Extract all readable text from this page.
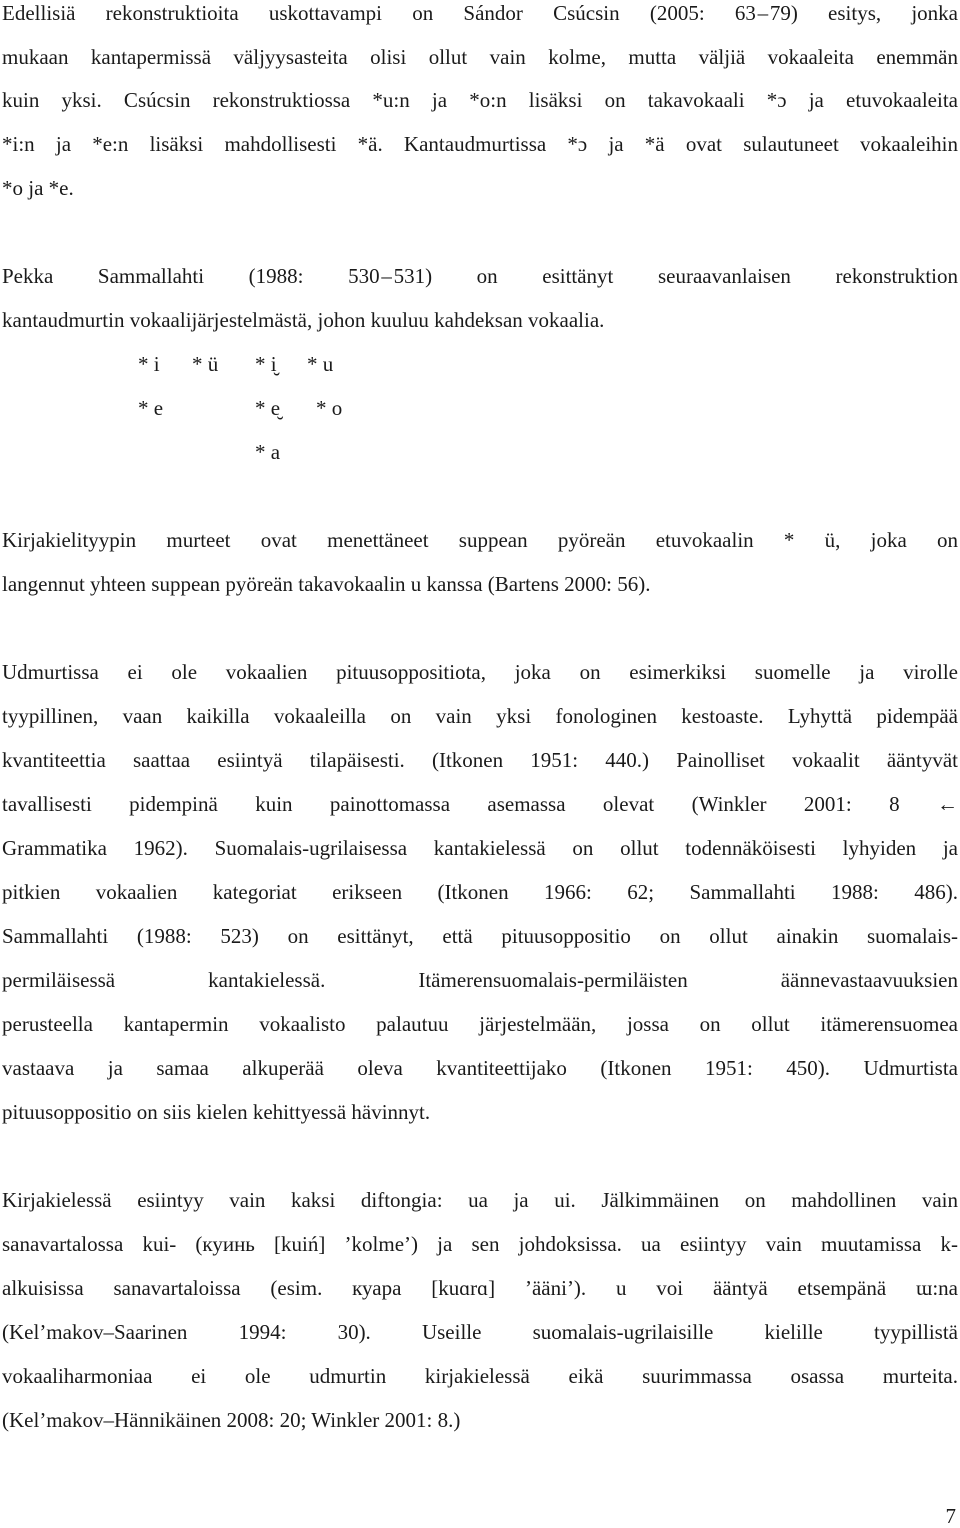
Edellisiä rekonstruktioita uskottavampi on Sándor Csúcsin (2005: 63 – 79) esitys, jonka
mukaan kantapermissä väljyysasteita olisi ollut vain kolme, mutta väljiä vokaaleita enemmän
kuin yksi. Csúcsin rekonstruktiossa *u:n ja *o:n lisäksi on takavokaali *ɔ ja etuvokaaleita
*i:n ja *e:n lisäksi mahdollisesti *ä. Kantaudmurtissa *ɔ ja *ä ovat sulautuneet vokaaleihin
*o ja *e.
Pekka Sammallahti (1988: 530 – 531) on esittänyt seuraavanlaisen rekonstruktion
kantaudmurtin vokaalijärjestelmästä, johon kuuluu kahdeksan vokaalia.
* i * ü * i̮ * u
* e	* e̮ * o
* a
Kirjakielityypin murteet ovat menettäneet suppean pyöreän etuvokaalin * ü, joka on
langennut yhteen suppean pyöreän takavokaalin u kanssa (Bartens 2000: 56).
Udmurtissa ei ole vokaalien pituusoppositiota, joka on esimerkiksi suomelle ja virolle
tyypillinen, vaan kaikilla vokaaleilla on vain yksi fonologinen kestoaste. Lyhyttä pidempää
kvantiteettia saattaa esiintyä tilapäisesti. (Itkonen 1951: 440.) Painolliset vokaalit ääntyvät
tavallisesti pidempinä kuin painottomassa asemassa olevat (Winkler 2001: 8 ←
Grammatika 1962). Suomalais-ugrilaisessa kantakielessä on ollut todennäköisesti lyhyiden ja
pitkien vokaalien kategoriat erikseen (Itkonen 1966: 62; Sammallahti 1988: 486).
Sammallahti (1988: 523) on esittänyt, että pituusoppositio on ollut ainakin suomalais-
permiläisessä kantakielessä. Itämerensuomalais-permiläisten äännevastaavuuksien
perusteella kantapermin vokaalisto palautuu järjestelmään, jossa on ollut itämerensuomea
vastaava ja samaa alkuperää oleva kvantiteettijako (Itkonen 1951: 450). Udmurtista
pituusoppositio on siis kielen kehittyessä hävinnyt.
Kirjakielessä esiintyy vain kaksi diftongia: ua ja ui. Jälkimmäinen on mahdollinen vain
sanavartalossa kui- (куинь [kuiń] ’kolme’) ja sen johdoksissa. ua esiintyy vain muutamissa k-
alkuisissa sanavartaloissa (esim. куара [kuɑrɑ] ’ääni’). u voi ääntyä etsempänä ɯ:na
(Kel’makov–Saarinen 1994: 30). Useille suomalais-ugrilaisille kielille tyypillistä
vokaaliharmoniaa ei ole udmurtin kirjakielessä eikä suurimmassa osassa murteita.
(Kel’makov–Hännikäinen 2008: 20; Winkler 2001: 8.)
7
